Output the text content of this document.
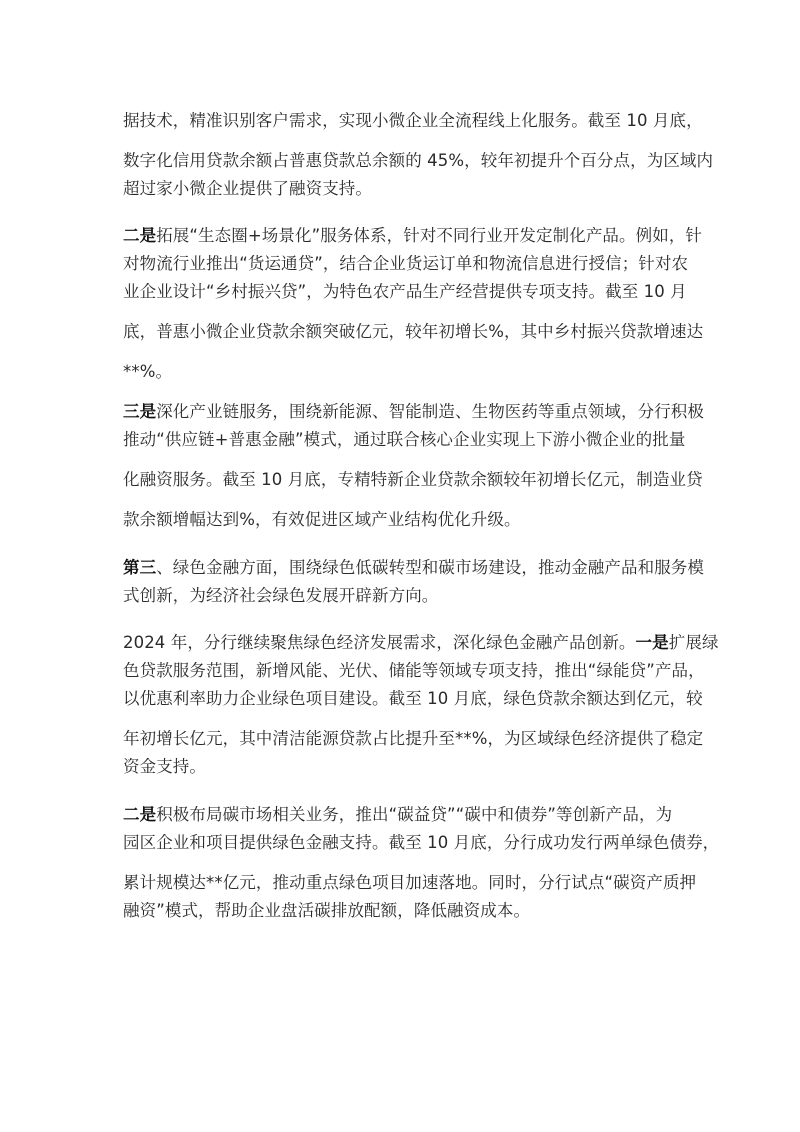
据技术，精准识别客户需求，实现小微企业全流程线上化服务。截至 10 月底，
数字化信用贷款余额占普惠贷款总余额的 45%，较年初提升个百分点，为区域内
超过家小微企业提供了融资支持。
二是拓展“生态圈+场景化”服务体系，针对不同行业开发定制化产品。例如，针
对物流行业推出“货运通贷”，结合企业货运订单和物流信息进行授信；针对农
业企业设计“乡村振兴贷”，为特色农产品生产经营提供专项支持。截至 10 月
底，普惠小微企业贷款余额突破亿元，较年初增长%，其中乡村振兴贷款增速达
**%。
三是深化产业链服务，围绕新能源、智能制造、生物医药等重点领域，分行积极
推动“供应链+普惠金融”模式，通过联合核心企业实现上下游小微企业的批量
化融资服务。截至 10 月底，专精特新企业贷款余额较年初增长亿元，制造业贷
款余额增幅达到%，有效促进区域产业结构优化升级。
第三、绿色金融方面，围绕绿色低碳转型和碳市场建设，推动金融产品和服务模
式创新，为经济社会绿色发展开辟新方向。
2024 年，分行继续聚焦绿色经济发展需求，深化绿色金融产品创新。一是扩展绿
色贷款服务范围，新增风能、光伏、储能等领域专项支持，推出“绿能贷”产品，
以优惠利率助力企业绿色项目建设。截至 10 月底，绿色贷款余额达到亿元，较
年初增长亿元，其中清洁能源贷款占比提升至**%，为区域绿色经济提供了稳定
资金支持。
二是积极布局碳市场相关业务，推出“碳益贷”“碳中和债券”等创新产品，为
园区企业和项目提供绿色金融支持。截至 10 月底，分行成功发行两单绿色债券，
累计规模达**亿元，推动重点绿色项目加速落地。同时，分行试点“碳资产质押
融资”模式，帮助企业盘活碳排放配额，降低融资成本。
